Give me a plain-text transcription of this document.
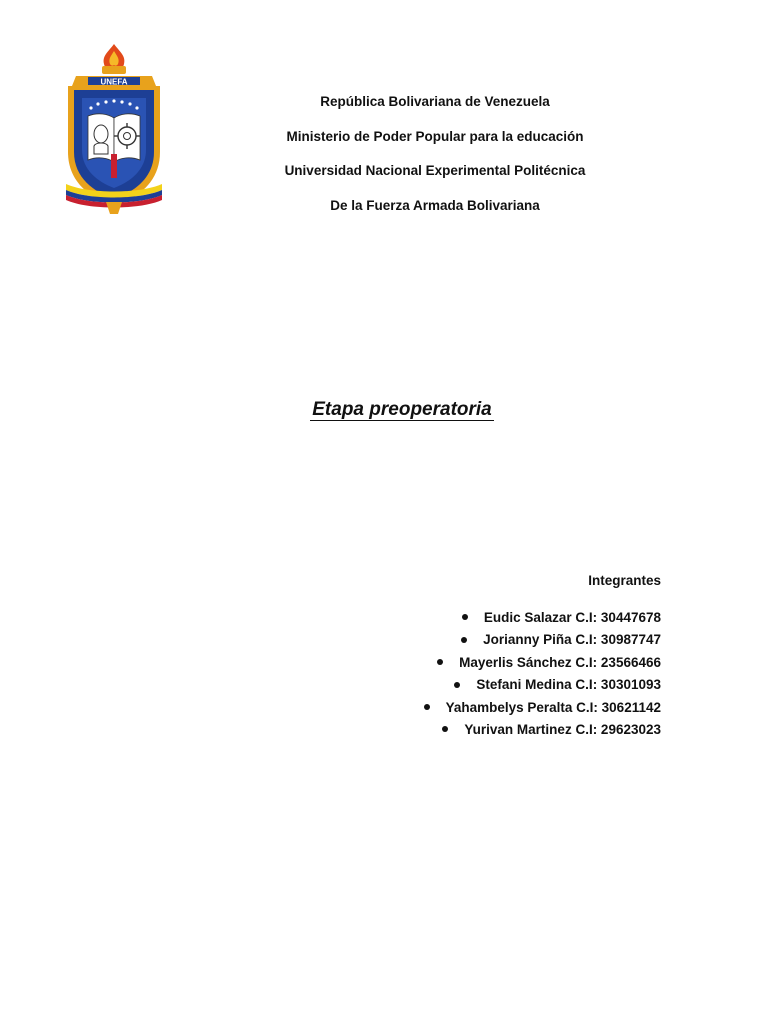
UNEFA
República Bolivariana de Venezuela
Ministerio de Poder Popular para la educación
Universidad Nacional Experimental Politécnica
De la Fuerza Armada Bolivariana
Etapa preoperatoria
Integrantes
Eudic Salazar C.I: 30447678
Jorianny Piña C.I: 30987747
Mayerlis Sánchez C.I: 23566466
Stefani Medina C.I: 30301093
Yahambelys Peralta C.I: 30621142
Yurivan Martinez C.I: 29623023
